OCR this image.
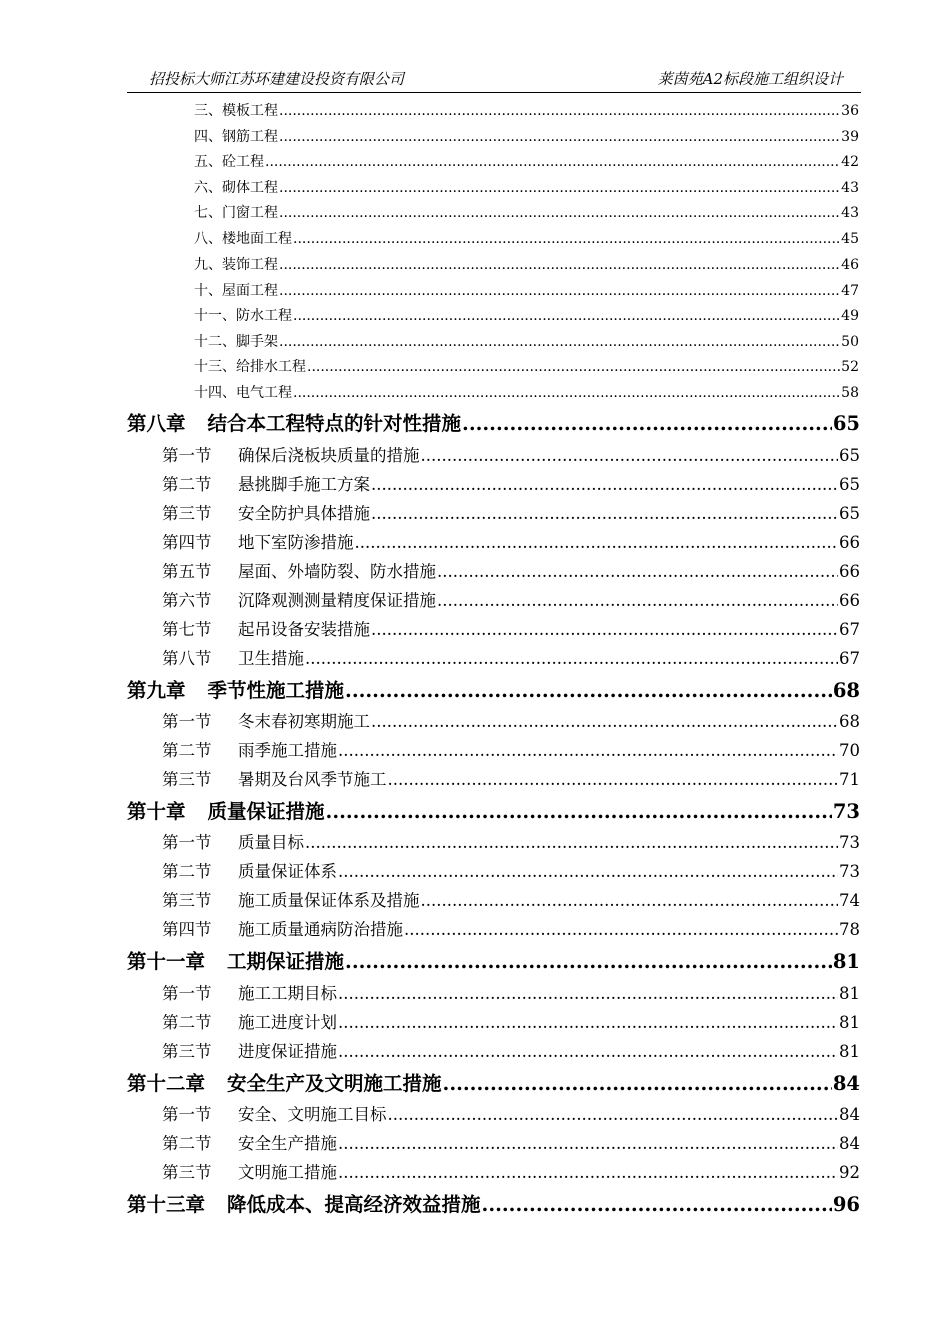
招投标大师江苏环建建设投资有限公司	莱茵苑A2标段施工组织设计
三、模板工程 .....	36
四、钢筋工程 .....	39
五、砼工程 .....	42
六、砌体工程 .....	43
七、门窗工程 .....	43
八、楼地面工程 .....	45
九、装饰工程 .....	46
十、屋面工程 .....	47
十一、防水工程 .....	49
十二、脚手架 .....	50
十三、给排水工程 .....	52
十四、电气工程 .....	58
第八章 结合本工程特点的针对性措施 .....	65
第一节 确保后浇板块质量的措施 .....	65
第二节 悬挑脚手施工方案 .....	65
第三节 安全防护具体措施 .....	65
第四节 地下室防渗措施 .....	66
第五节 屋面、外墙防裂、防水措施 .....	66
第六节 沉降观测测量精度保证措施 .....	66
第七节 起吊设备安装措施 .....	67
第八节 卫生措施 .....	67
第九章 季节性施工措施 .....	68
第一节 冬末春初寒期施工 .....	68
第二节 雨季施工措施 .....	70
第三节 暑期及台风季节施工 .....	71
第十章 质量保证措施 .....	73
第一节 质量目标 .....	73
第二节 质量保证体系 .....	73
第三节 施工质量保证体系及措施 .....	74
第四节 施工质量通病防治措施 .....	78
第十一章 工期保证措施 .....	81
第一节 施工工期目标 .....	81
第二节 施工进度计划 .....	81
第三节 进度保证措施 .....	81
第十二章 安全生产及文明施工措施 .....	84
第一节 安全、文明施工目标 .....	84
第二节 安全生产措施 .....	84
第三节 文明施工措施 .....	92
第十三章 降低成本、提高经济效益措施 .....	96
